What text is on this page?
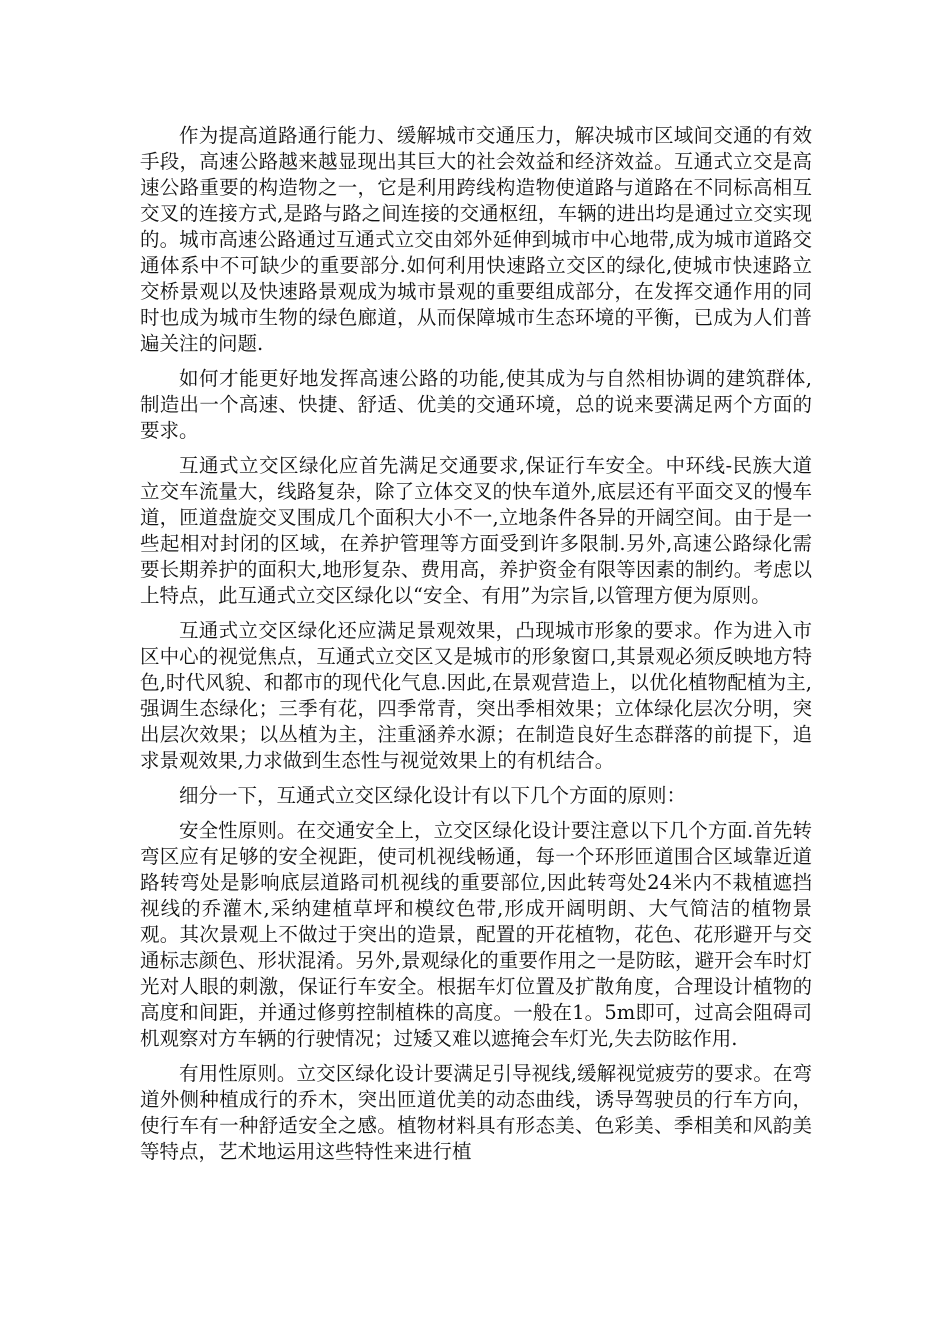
作为提高道路通行能力、缓解城市交通压力，解决城市区域间交通的有效手段，高速公路越来越显现出其巨大的社会效益和经济效益。互通式立交是高速公路重要的构造物之一，它是利用跨线构造物使道路与道路在不同标高相互交叉的连接方式,是路与路之间连接的交通枢纽，车辆的进出均是通过立交实现的。城市高速公路通过互通式立交由郊外延伸到城市中心地带,成为城市道路交通体系中不可缺少的重要部分.如何利用快速路立交区的绿化,使城市快速路立交桥景观以及快速路景观成为城市景观的重要组成部分，在发挥交通作用的同时也成为城市生物的绿色廊道，从而保障城市生态环境的平衡，已成为人们普遍关注的问题.

如何才能更好地发挥高速公路的功能,使其成为与自然相协调的建筑群体,制造出一个高速、快捷、舒适、优美的交通环境，总的说来要满足两个方面的要求。

互通式立交区绿化应首先满足交通要求,保证行车安全。中环线-民族大道立交车流量大，线路复杂，除了立体交叉的快车道外,底层还有平面交叉的慢车道，匝道盘旋交叉围成几个面积大小不一,立地条件各异的开阔空间。由于是一些起相对封闭的区域，在养护管理等方面受到许多限制.另外,高速公路绿化需要长期养护的面积大,地形复杂、费用高，养护资金有限等因素的制约。考虑以上特点，此互通式立交区绿化以“安全、有用”为宗旨,以管理方便为原则。

互通式立交区绿化还应满足景观效果，凸现城市形象的要求。作为进入市区中心的视觉焦点，互通式立交区又是城市的形象窗口,其景观必须反映地方特色,时代风貌、和都市的现代化气息.因此,在景观营造上，以优化植物配植为主,强调生态绿化；三季有花，四季常青，突出季相效果；立体绿化层次分明，突出层次效果；以丛植为主，注重涵养水源；在制造良好生态群落的前提下，追求景观效果,力求做到生态性与视觉效果上的有机结合。

细分一下，互通式立交区绿化设计有以下几个方面的原则：

安全性原则。在交通安全上，立交区绿化设计要注意以下几个方面.首先转弯区应有足够的安全视距，使司机视线畅通，每一个环形匝道围合区域靠近道路转弯处是影响底层道路司机视线的重要部位,因此转弯处24米内不栽植遮挡视线的乔灌木,采纳建植草坪和模纹色带,形成开阔明朗、大气简洁的植物景观。其次景观上不做过于突出的造景，配置的开花植物，花色、花形避开与交通标志颜色、形状混淆。另外,景观绿化的重要作用之一是防眩，避开会车时灯光对人眼的刺激，保证行车安全。根据车灯位置及扩散角度，合理设计植物的高度和间距，并通过修剪控制植株的高度。一般在1。5m即可，过高会阻碍司机观察对方车辆的行驶情况；过矮又难以遮掩会车灯光,失去防眩作用.

有用性原则。立交区绿化设计要满足引导视线,缓解视觉疲劳的要求。在弯道外侧种植成行的乔木，突出匝道优美的动态曲线，诱导驾驶员的行车方向，使行车有一种舒适安全之感。植物材料具有形态美、色彩美、季相美和风韵美等特点，艺术地运用这些特性来进行植
